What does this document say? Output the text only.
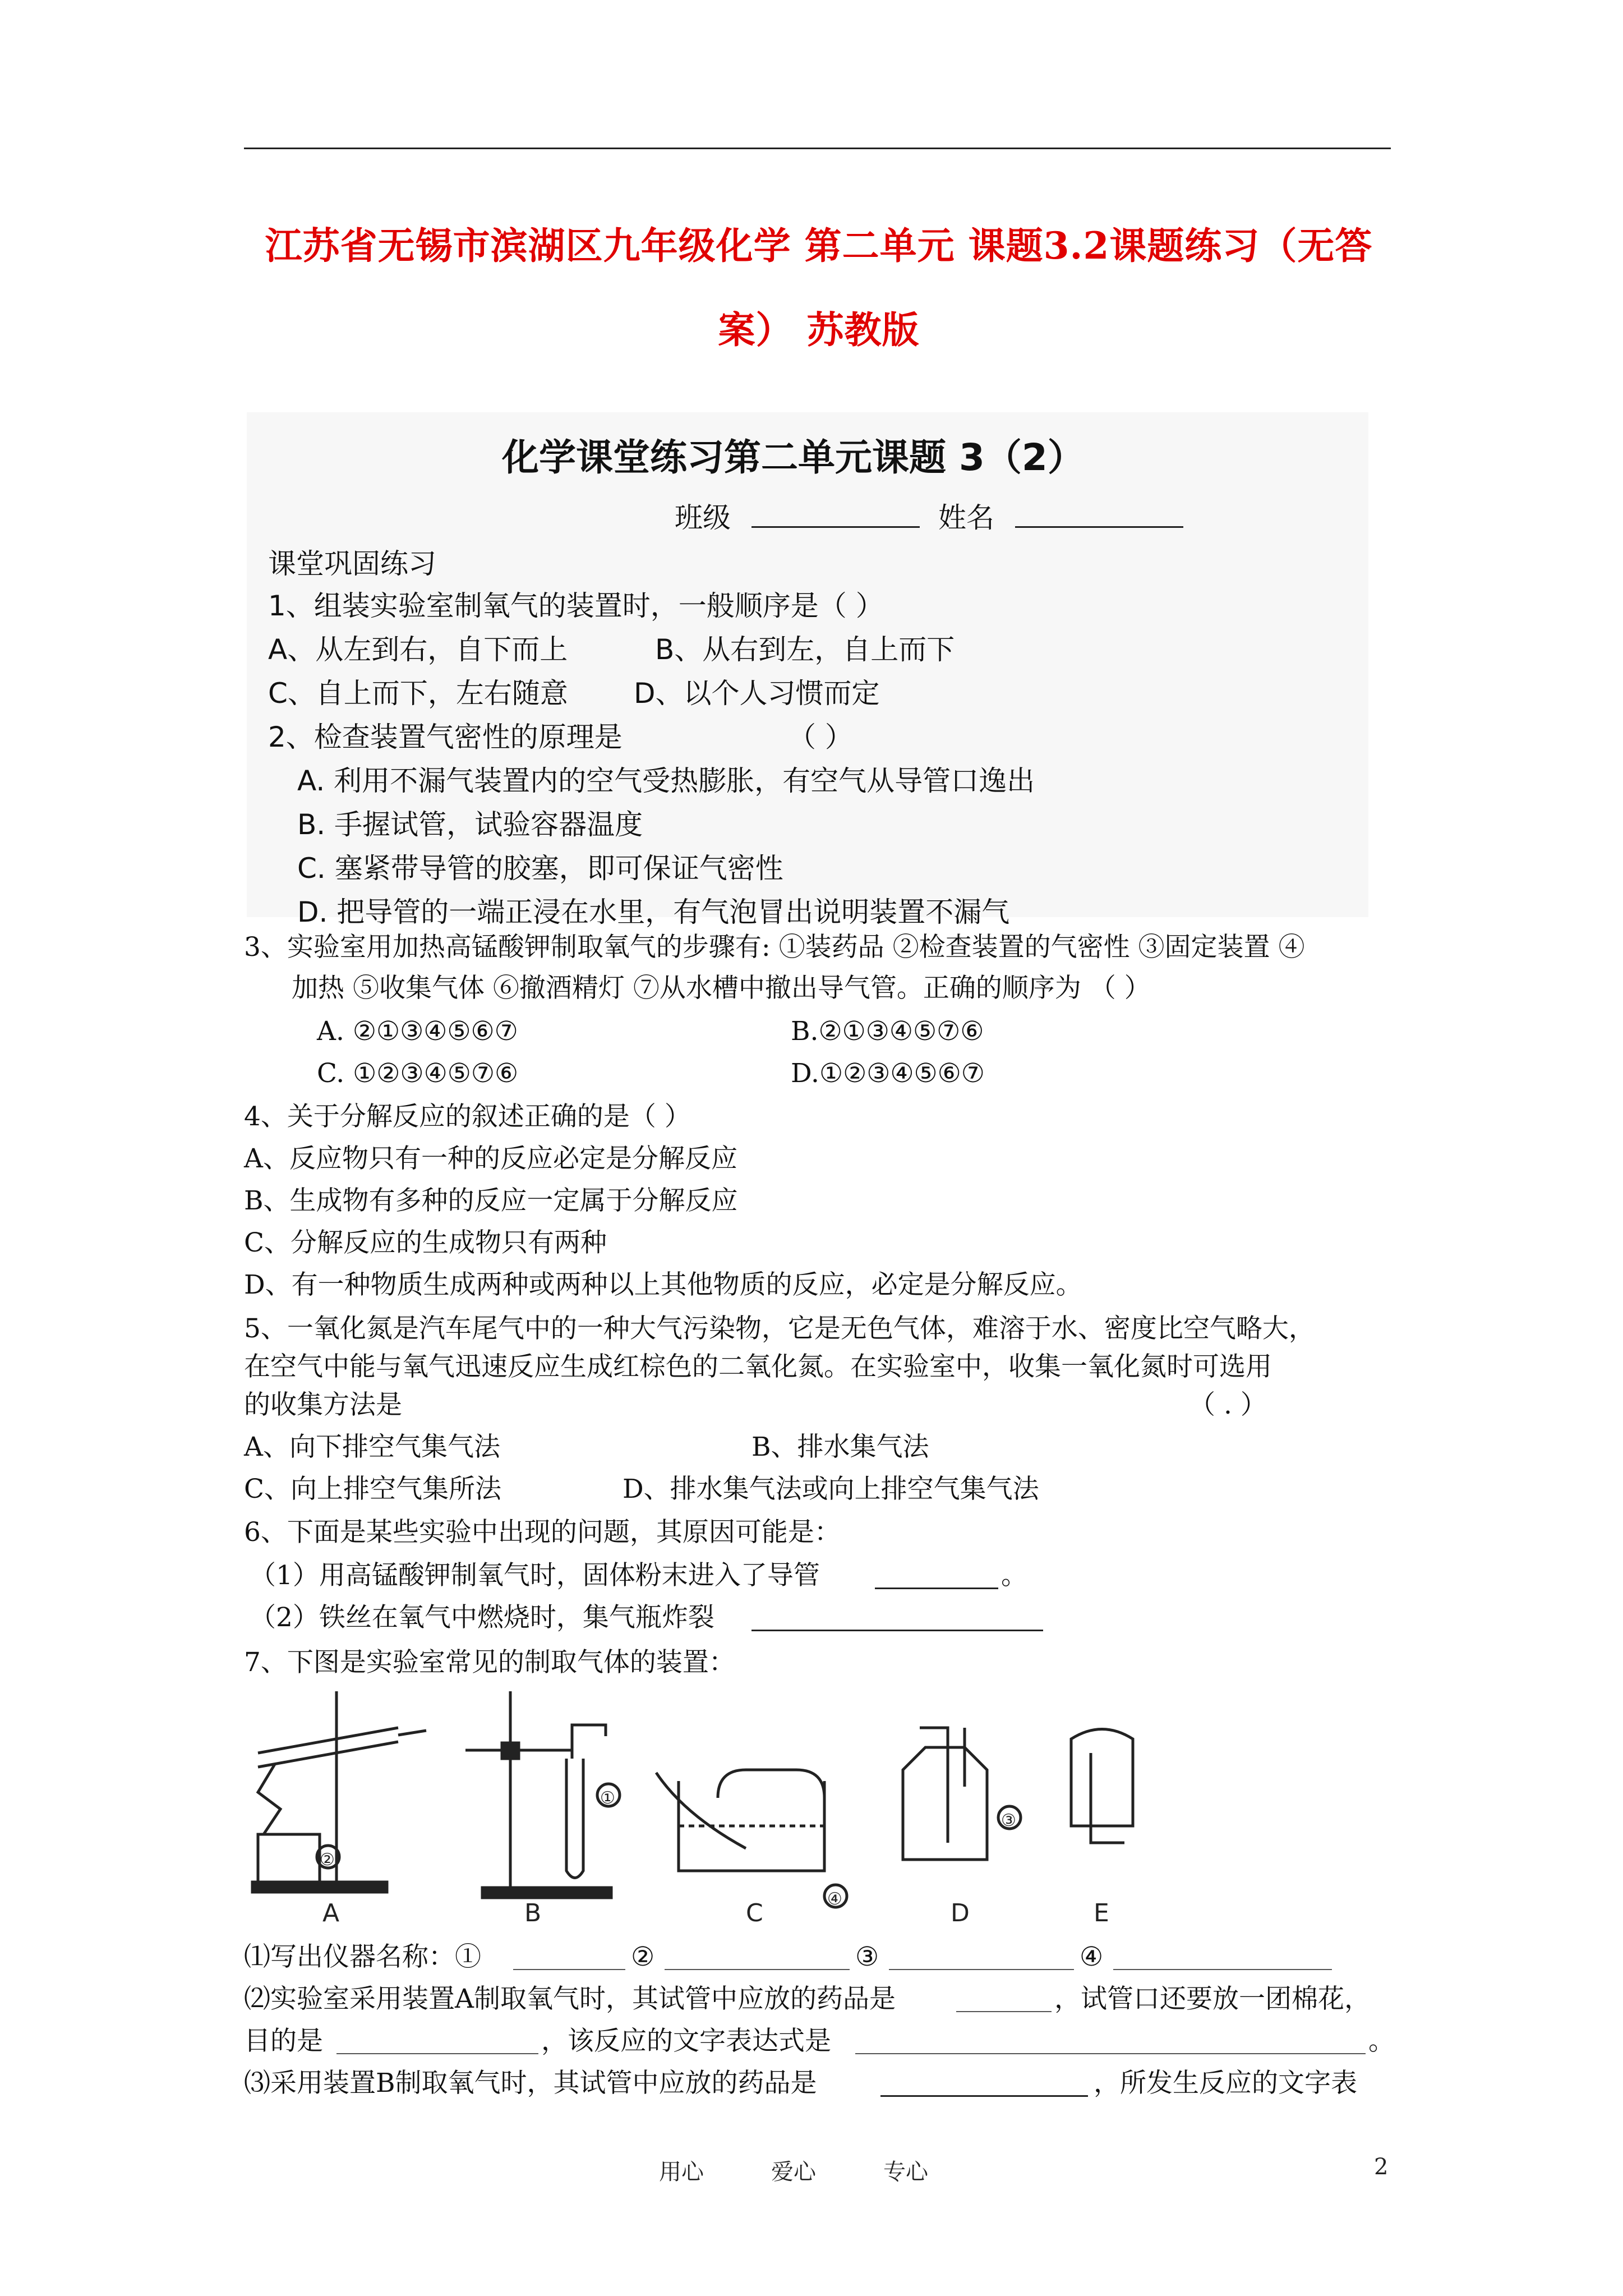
江苏省无锡市滨湖区九年级化学 第二单元 课题3.2课题练习（无答
案） 苏教版
化学课堂练习第二单元课题 3（2）
班级	姓名
课堂巩固练习
1、组装实验室制氧气的装置时，一般顺序是（ ）
A、从左到右，自下而上	B、从右到左，自上而下
C、自上而下，左右随意 D、以个人习惯而定
2、检查装置气密性的原理是	（ ）
A. 利用不漏气装置内的空气受热膨胀，有空气从导管口逸出
B. 手握试管，试验容器温度
C. 塞紧带导管的胶塞，即可保证气密性
D. 把导管的一端正浸在水里，有气泡冒出说明装置不漏气
3、实验室用加热高锰酸钾制取氧气的步骤有: ①装药品 ②检查装置的气密性 ③固定装置 ④
加热 ⑤收集气体 ⑥撤酒精灯 ⑦从水槽中撤出导气管。正确的顺序为 （ ）
A. ②①③④⑤⑥⑦	B.②①③④⑤⑦⑥
C. ①②③④⑤⑦⑥	D.①②③④⑤⑥⑦
4、关于分解反应的叙述正确的是（ ）
A、反应物只有一种的反应必定是分解反应
B、生成物有多种的反应一定属于分解反应
C、分解反应的生成物只有两种
D、有一种物质生成两种或两种以上其他物质的反应，必定是分解反应。
5、一氧化氮是汽车尾气中的一种大气污染物，它是无色气体，难溶于水、密度比空气略大，
在空气中能与氧气迅速反应生成红棕色的二氧化氮。在实验室中，收集一氧化氮时可选用
的收集方法是	（ . ）
A、向下排空气集气法	B、排水集气法
C、向上排空气集所法	D、排水集气法或向上排空气集气法
6、下面是某些实验中出现的问题，其原因可能是：
（1）用高锰酸钾制氧气时，固体粉末进入了导管	。
（2）铁丝在氧气中燃烧时，集气瓶炸裂
7、下图是实验室常见的制取气体的装置：
A	B	C	D	E
②
①
④
③
⑴写出仪器名称：①	②	③	④
⑵实验室采用装置A制取氧气时，其试管中应放的药品是	，试管口还要放一团棉花，
目的是	，该反应的文字表达式是	。
⑶采用装置B制取氧气时，其试管中应放的药品是	，所发生反应的文字表
用心	爱心	专心	2
